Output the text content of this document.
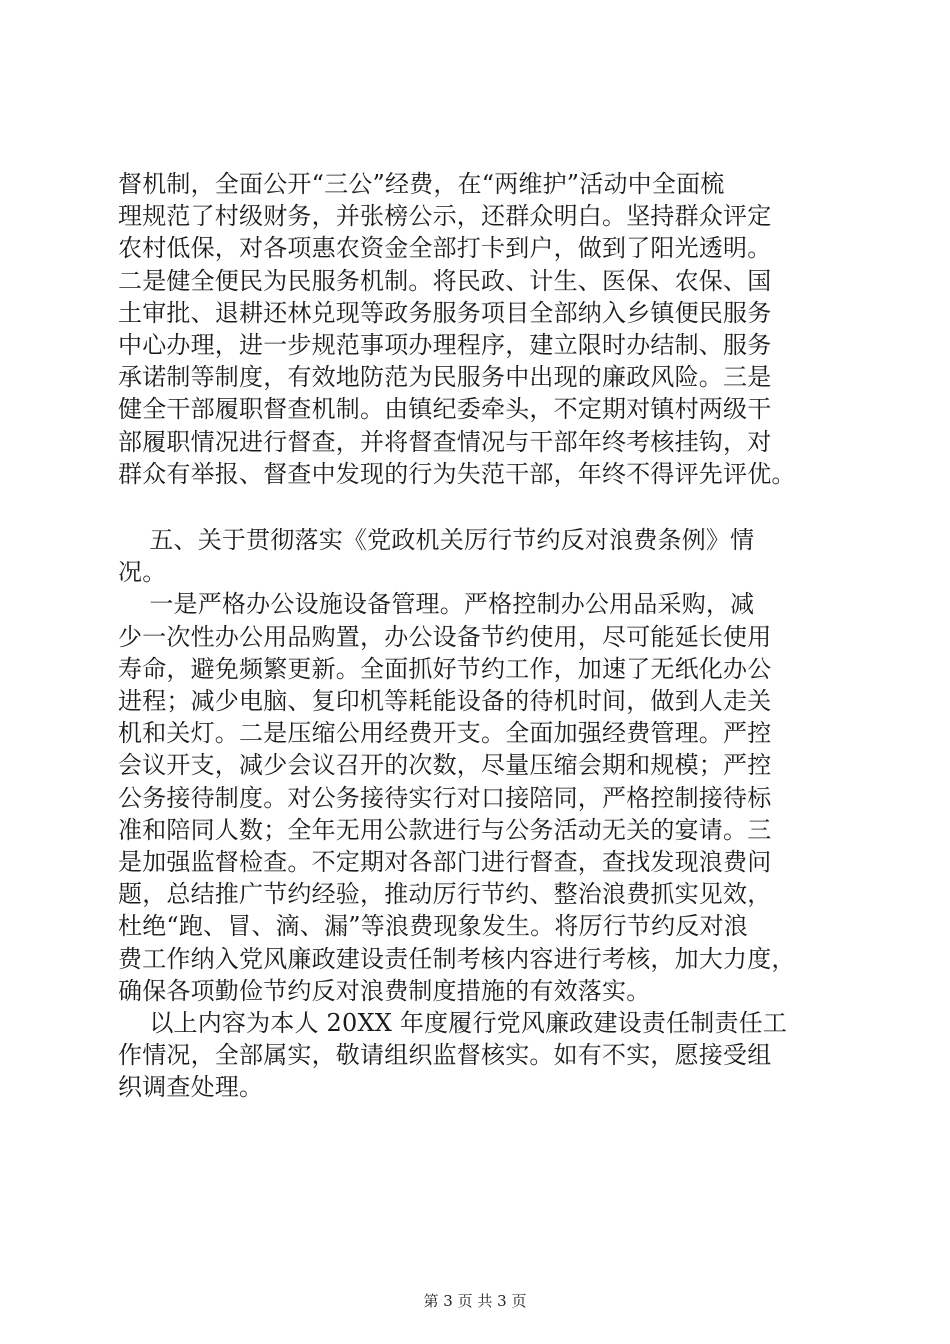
督机制，全面公开“三公”经费，在“两维护”活动中全面梳
理规范了村级财务，并张榜公示，还群众明白。坚持群众评定
农村低保，对各项惠农资金全部打卡到户，做到了阳光透明。
二是健全便民为民服务机制。将民政、计生、医保、农保、国
土审批、退耕还林兑现等政务服务项目全部纳入乡镇便民服务
中心办理，进一步规范事项办理程序，建立限时办结制、服务
承诺制等制度，有效地防范为民服务中出现的廉政风险。三是
健全干部履职督查机制。由镇纪委牵头，不定期对镇村两级干
部履职情况进行督查，并将督查情况与干部年终考核挂钩，对
群众有举报、督查中发现的行为失范干部，年终不得评先评优。
五、关于贯彻落实《党政机关厉行节约反对浪费条例》情
况。
一是严格办公设施设备管理。严格控制办公用品采购，减
少一次性办公用品购置，办公设备节约使用，尽可能延长使用
寿命，避免频繁更新。全面抓好节约工作，加速了无纸化办公
进程；减少电脑、复印机等耗能设备的待机时间，做到人走关
机和关灯。二是压缩公用经费开支。全面加强经费管理。严控
会议开支，减少会议召开的次数，尽量压缩会期和规模；严控
公务接待制度。对公务接待实行对口接陪同，严格控制接待标
准和陪同人数；全年无用公款进行与公务活动无关的宴请。三
是加强监督检查。不定期对各部门进行督查，查找发现浪费问
题，总结推广节约经验，推动厉行节约、整治浪费抓实见效，
杜绝“跑、冒、滴、漏”等浪费现象发生。将厉行节约反对浪
费工作纳入党风廉政建设责任制考核内容进行考核，加大力度，
确保各项勤俭节约反对浪费制度措施的有效落实。
以上内容为本人 20XX 年度履行党风廉政建设责任制责任工
作情况，全部属实，敬请组织监督核实。如有不实，愿接受组
织调查处理。
第 3 页 共 3 页
